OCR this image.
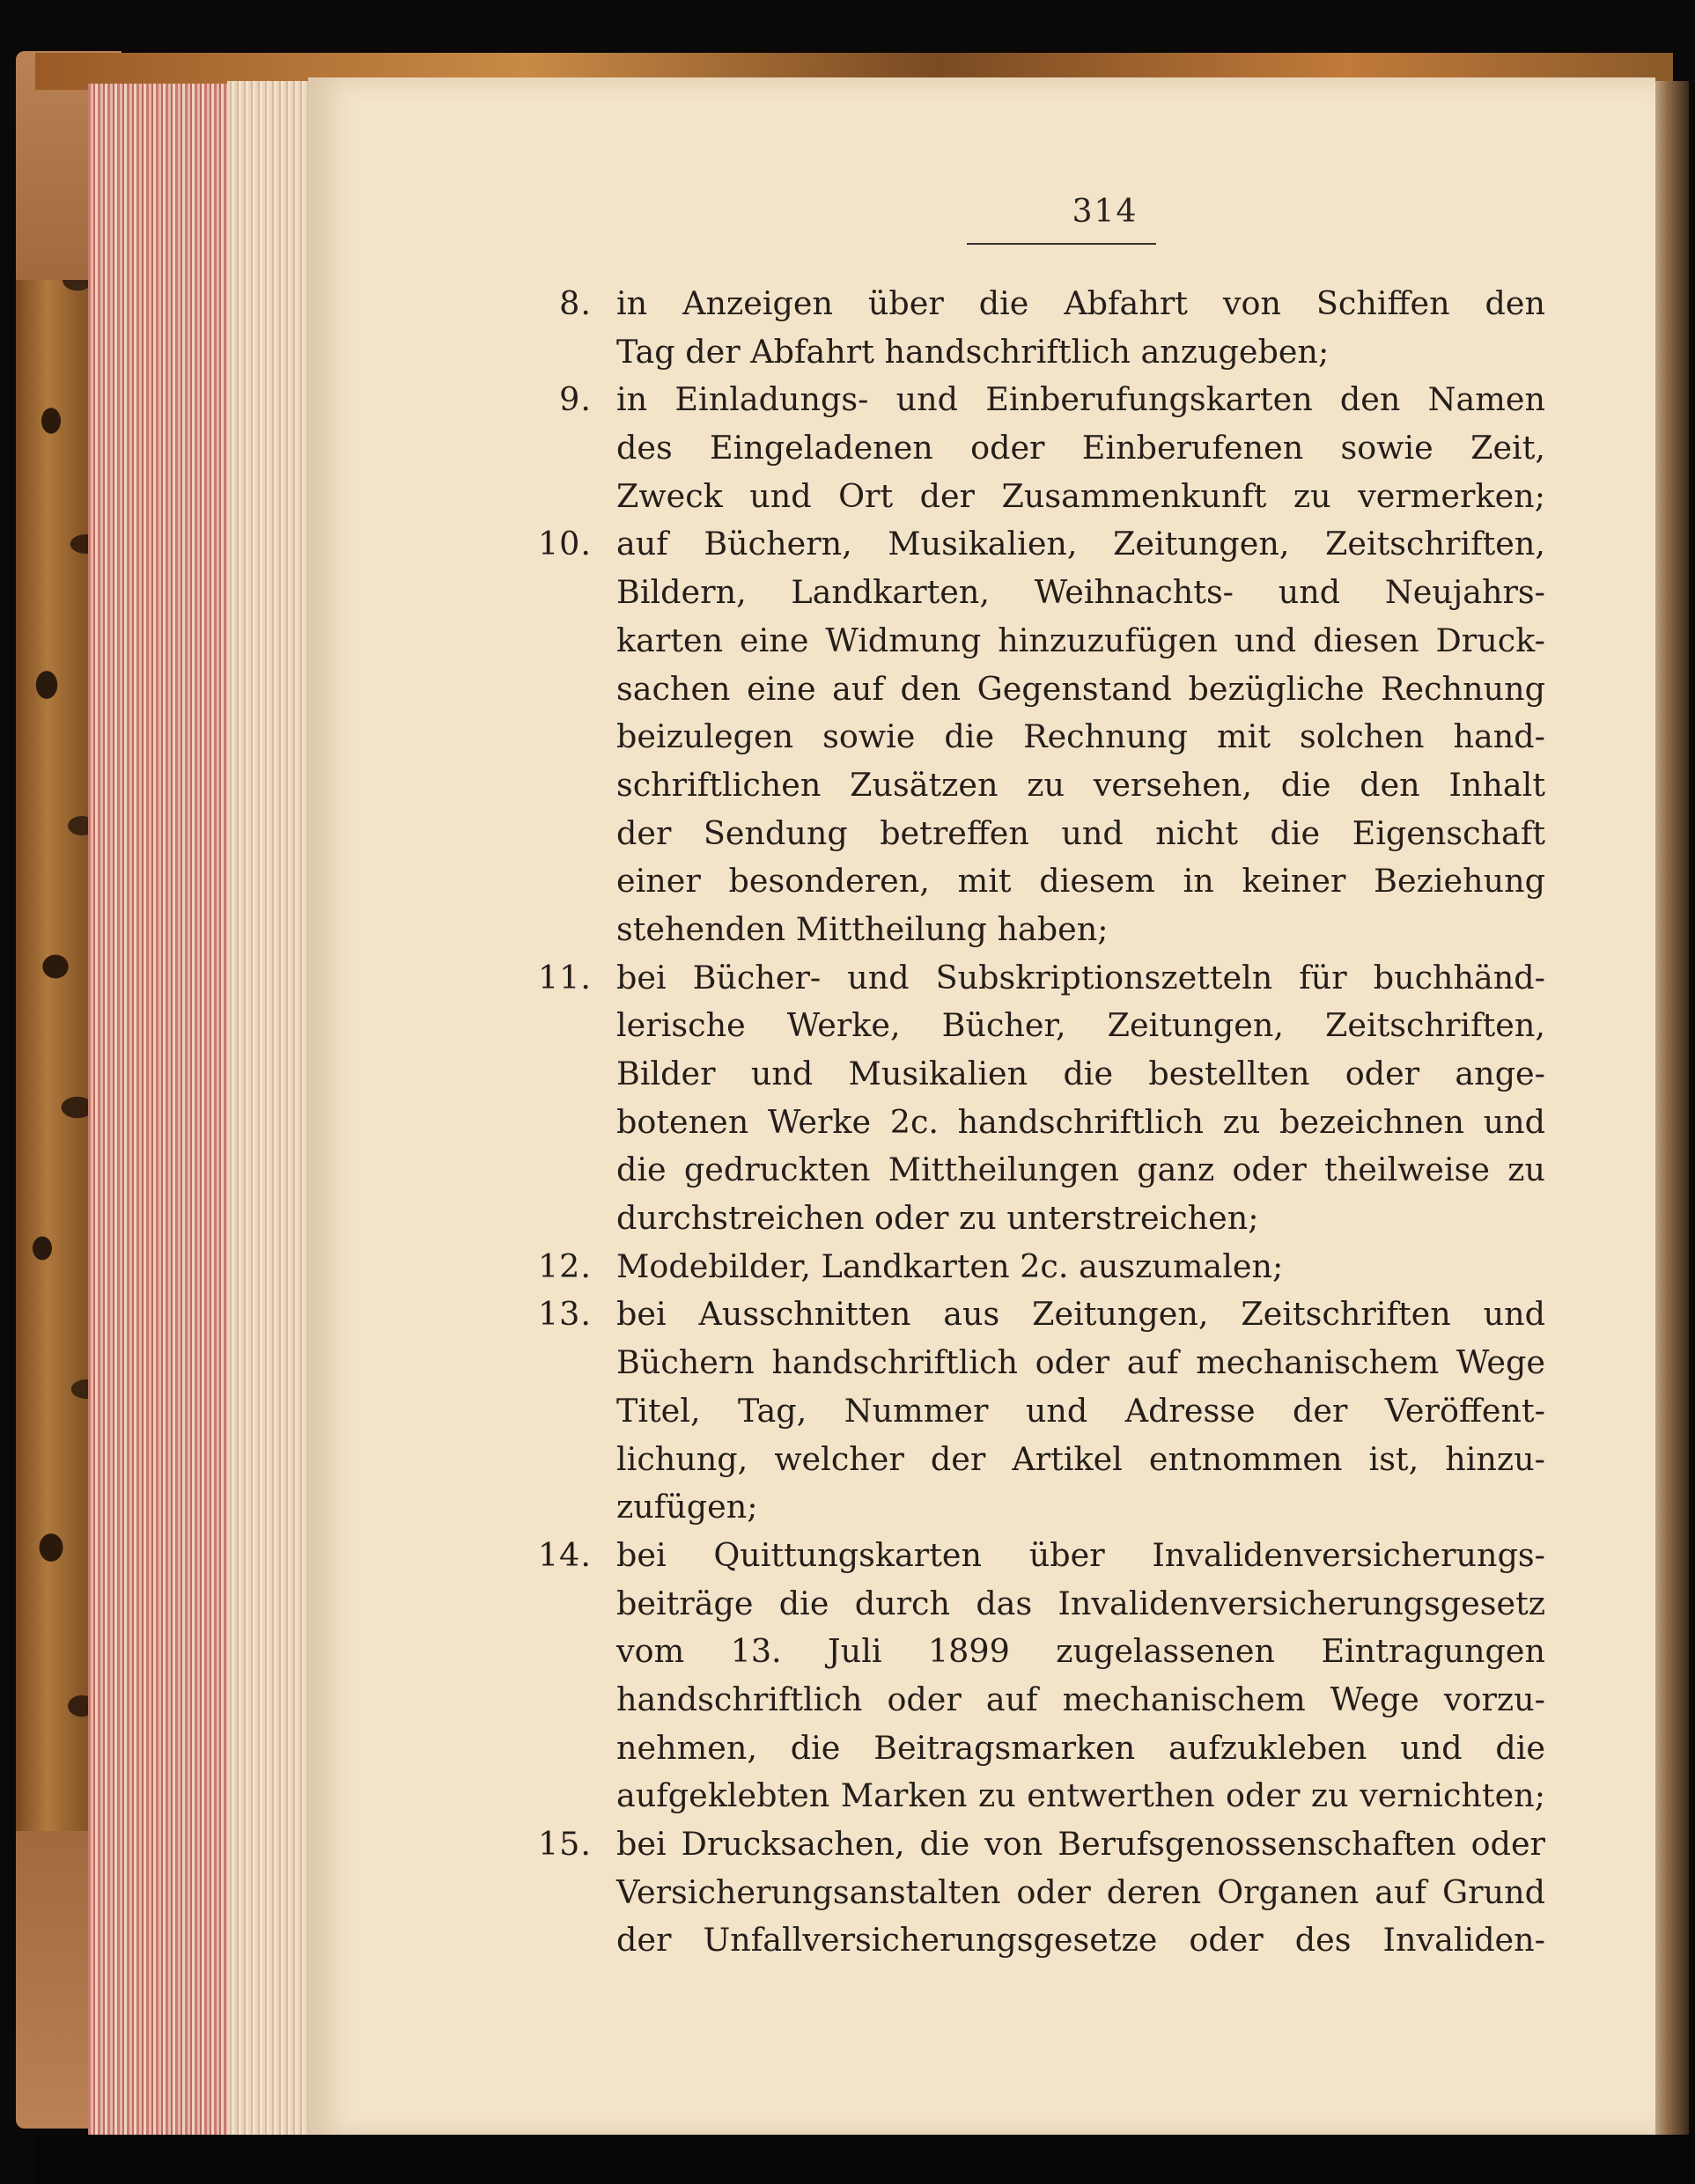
314
8. in Anzeigen über die Abfahrt von Schiffen den
Tag der Abfahrt handschriftlich anzugeben;
9. in Einladungs- und Einberufungskarten den Namen
des Eingeladenen oder Einberufenen sowie Zeit,
Zweck und Ort der Zusammenkunft zu vermerken;
10. auf Büchern, Musikalien, Zeitungen, Zeitschriften,
Bildern, Landkarten, Weihnachts- und Neujahrs-
karten eine Widmung hinzuzufügen und diesen Druck-
sachen eine auf den Gegenstand bezügliche Rechnung
beizulegen sowie die Rechnung mit solchen hand-
schriftlichen Zusätzen zu versehen, die den Inhalt
der Sendung betreffen und nicht die Eigenschaft
einer besonderen, mit diesem in keiner Beziehung
stehenden Mittheilung haben;
11. bei Bücher- und Subskriptionszetteln für buchhänd-
lerische Werke, Bücher, Zeitungen, Zeitschriften,
Bilder und Musikalien die bestellten oder ange-
botenen Werke 2c. handschriftlich zu bezeichnen und
die gedruckten Mittheilungen ganz oder theilweise zu
durchstreichen oder zu unterstreichen;
12. Modebilder, Landkarten 2c. auszumalen;
13. bei Ausschnitten aus Zeitungen, Zeitschriften und
Büchern handschriftlich oder auf mechanischem Wege
Titel, Tag, Nummer und Adresse der Veröffent-
lichung, welcher der Artikel entnommen ist, hinzu-
zufügen;
14. bei Quittungskarten über Invalidenversicherungs-
beiträge die durch das Invalidenversicherungsgesetz
vom 13. Juli 1899 zugelassenen Eintragungen
handschriftlich oder auf mechanischem Wege vorzu-
nehmen, die Beitragsmarken aufzukleben und die
aufgeklebten Marken zu entwerthen oder zu vernichten;
15. bei Drucksachen, die von Berufsgenossenschaften oder
Versicherungsanstalten oder deren Organen auf Grund
der Unfallversicherungsgesetze oder des Invaliden-
